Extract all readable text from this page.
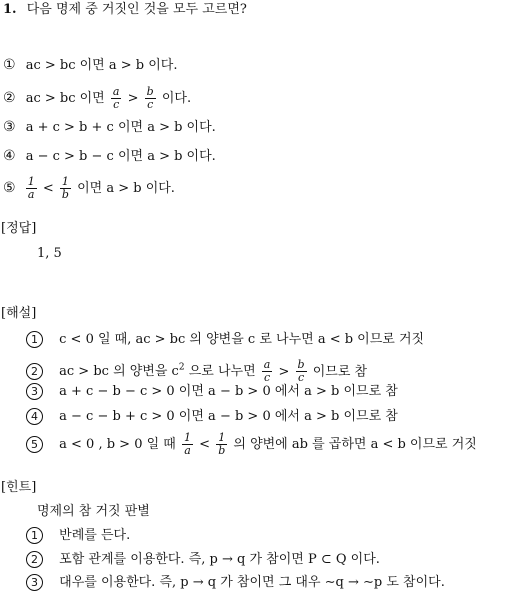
1. 다음 명제 중 거짓인 것을 모두 고르면?
① ac > bc 이면 a > b 이다.
② ac > bc 이면 $\frac{a}{c} > \frac{b}{c}$ 이다.
③ a + c > b + c 이면 a > b 이다.
④ a − c > b − c 이면 a > b 이다.
⑤ $\frac{1}{a} < \frac{1}{b}$ 이면 a > b 이다.
[정답]
1, 5
[해설]
1 c < 0 일 때, ac > bc 의 양변을 c 로 나누면 a < b 이므로 거짓
2 ac > bc 의 양변을 $c^2$ 으로 나누면 $\frac{a}{c} > \frac{b}{c}$ 이므로 참
3 a + c − b − c > 0 이면 a − b > 0 에서 a > b 이므로 참
4 a − c − b + c > 0 이면 a − b > 0 에서 a > b 이므로 참
5 a < 0 , b > 0 일 때 $\frac{1}{a} < \frac{1}{b}$ 의 양변에 ab 를 곱하면 a < b 이므로 거짓
[힌트]
명제의 참 거짓 판별
1 반례를 든다.
2 포함 관계를 이용한다. 즉, p → q 가 참이면 P ⊂ Q 이다.
3 대우를 이용한다. 즉, p → q 가 참이면 그 대우 ∼q → ∼p 도 참이다.
